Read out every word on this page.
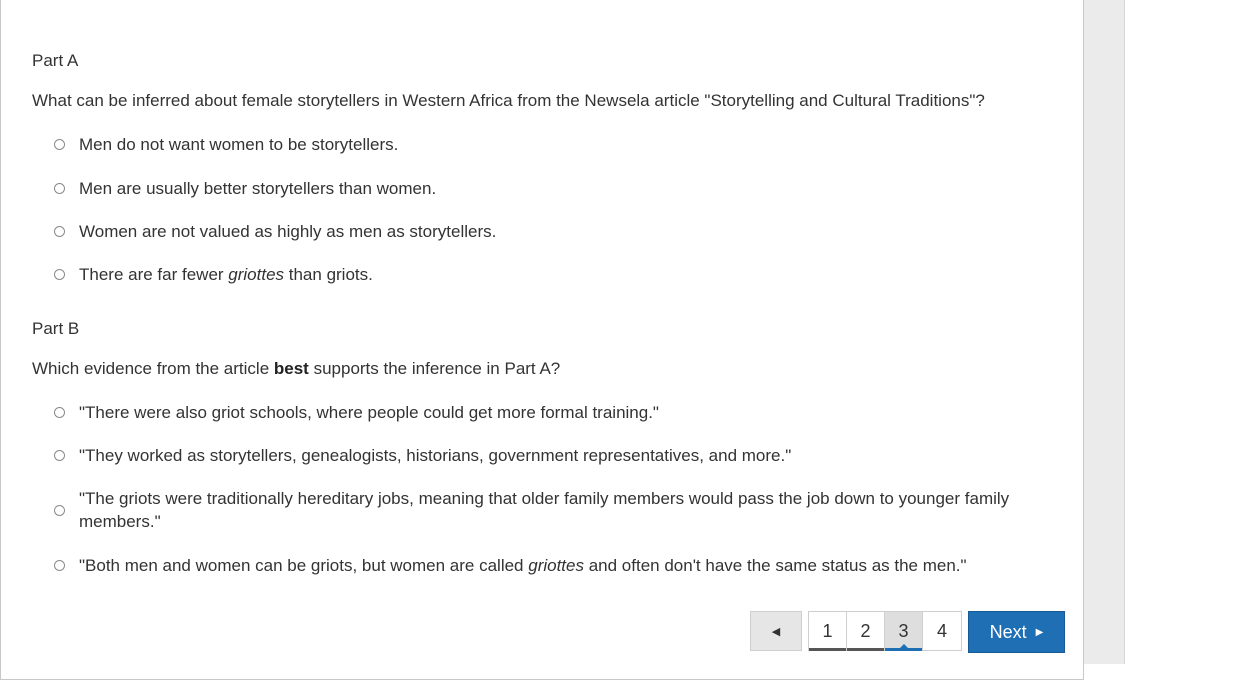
Part A
What can be inferred about female storytellers in Western Africa from the Newsela article "Storytelling and Cultural Traditions"?
Men do not want women to be storytellers.
Men are usually better storytellers than women.
Women are not valued as highly as men as storytellers.
There are far fewer griottes than griots.
Part B
Which evidence from the article best supports the inference in Part A?
"There were also griot schools, where people could get more formal training."
"They worked as storytellers, genealogists, historians, government representatives, and more."
"The griots were traditionally hereditary jobs, meaning that older family members would pass the job down to younger family members."
"Both men and women can be griots, but women are called griottes and often don't have the same status as the men."
◀	1	2	3	4	Next ▶
